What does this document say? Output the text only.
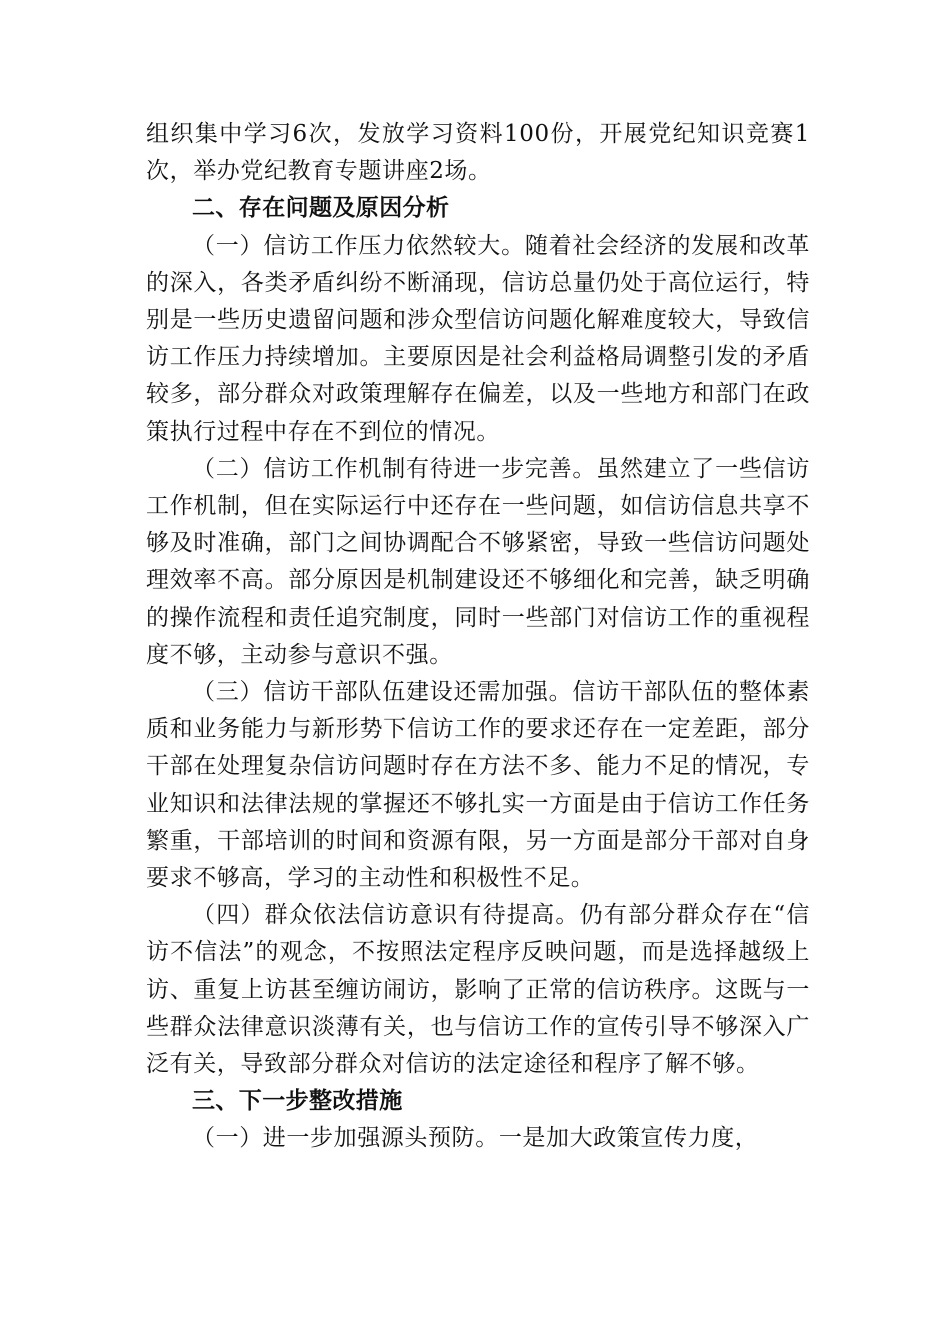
组织集中学习6次，发放学习资料100份，开展党纪知识竞赛1次，举办党纪教育专题讲座2场。

二、存在问题及原因分析

（一）信访工作压力依然较大。随着社会经济的发展和改革的深入，各类矛盾纠纷不断涌现，信访总量仍处于高位运行，特别是一些历史遗留问题和涉众型信访问题化解难度较大，导致信访工作压力持续增加。主要原因是社会利益格局调整引发的矛盾较多，部分群众对政策理解存在偏差，以及一些地方和部门在政策执行过程中存在不到位的情况。

（二）信访工作机制有待进一步完善。虽然建立了一些信访工作机制，但在实际运行中还存在一些问题，如信访信息共享不够及时准确，部门之间协调配合不够紧密，导致一些信访问题处理效率不高。部分原因是机制建设还不够细化和完善，缺乏明确的操作流程和责任追究制度，同时一些部门对信访工作的重视程度不够，主动参与意识不强。

（三）信访干部队伍建设还需加强。信访干部队伍的整体素质和业务能力与新形势下信访工作的要求还存在一定差距，部分干部在处理复杂信访问题时存在方法不多、能力不足的情况，专业知识和法律法规的掌握还不够扎实一方面是由于信访工作任务繁重，干部培训的时间和资源有限，另一方面是部分干部对自身要求不够高，学习的主动性和积极性不足。

（四）群众依法信访意识有待提高。仍有部分群众存在“信访不信法”的观念，不按照法定程序反映问题，而是选择越级上访、重复上访甚至缠访闹访，影响了正常的信访秩序。这既与一些群众法律意识淡薄有关，也与信访工作的宣传引导不够深入广泛有关，导致部分群众对信访的法定途径和程序了解不够。

三、下一步整改措施

（一）进一步加强源头预防。一是加大政策宣传力度，
